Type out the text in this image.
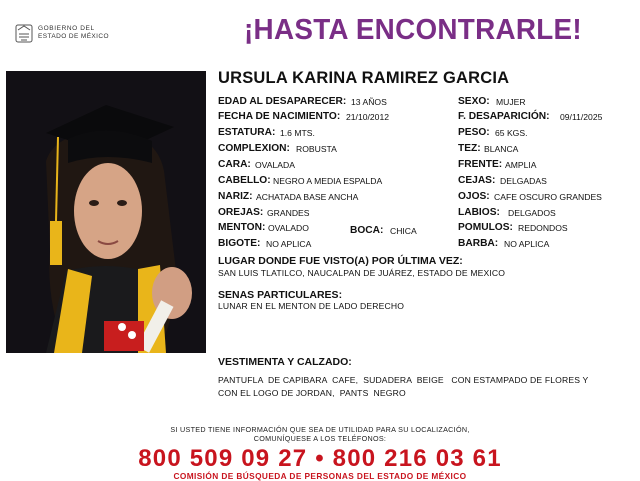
GOBIERNO DEL
ESTADO DE MÉXICO	¡HASTA ENCONTRARLE!
URSULA KARINA RAMIREZ GARCIA
EDAD AL DESAPARECER: 13 AÑOS	SEXO: MUJER
FECHA DE NACIMIENTO: 21/10/2012	F. DESAPARICIÓN: 09/11/2025
ESTATURA: 1.6 MTS.	PESO: 65 KGS.
COMPLEXION: ROBUSTA	TEZ: BLANCA
CARA: OVALADA	FRENTE: AMPLIA
CABELLO: NEGRO A MEDIA ESPALDA	CEJAS: DELGADAS
NARIZ: ACHATADA BASE ANCHA	OJOS: CAFE OSCURO GRANDES
OREJAS: GRANDES	LABIOS: DELGADOS
MENTON: OVALADO	BOCA: CHICA	POMULOS: REDONDOS
BIGOTE: NO APLICA	BARBA: NO APLICA
LUGAR DONDE FUE VISTO(A) POR ÚLTIMA VEZ:
SAN LUIS TLATILCO, NAUCALPAN DE JUÁREZ, ESTADO DE MEXICO
SENAS PARTICULARES:
LUNAR EN EL MENTON DE LADO DERECHO
VESTIMENTA Y CALZADO:
PANTUFLA  DE CAPIBARA  CAFE,  SUDADERA  BEIGE   CON ESTAMPADO DE FLORES Y
CON EL LOGO DE JORDAN,  PANTS  NEGRO
SI USTED TIENE INFORMACIÓN QUE SEA DE UTILIDAD PARA SU LOCALIZACIÓN,
COMUNÍQUESE A LOS TELÉFONOS:
800 509 09 27 • 800 216 03 61
COMISIÓN DE BÚSQUEDA DE PERSONAS DEL ESTADO DE MÉXICO
